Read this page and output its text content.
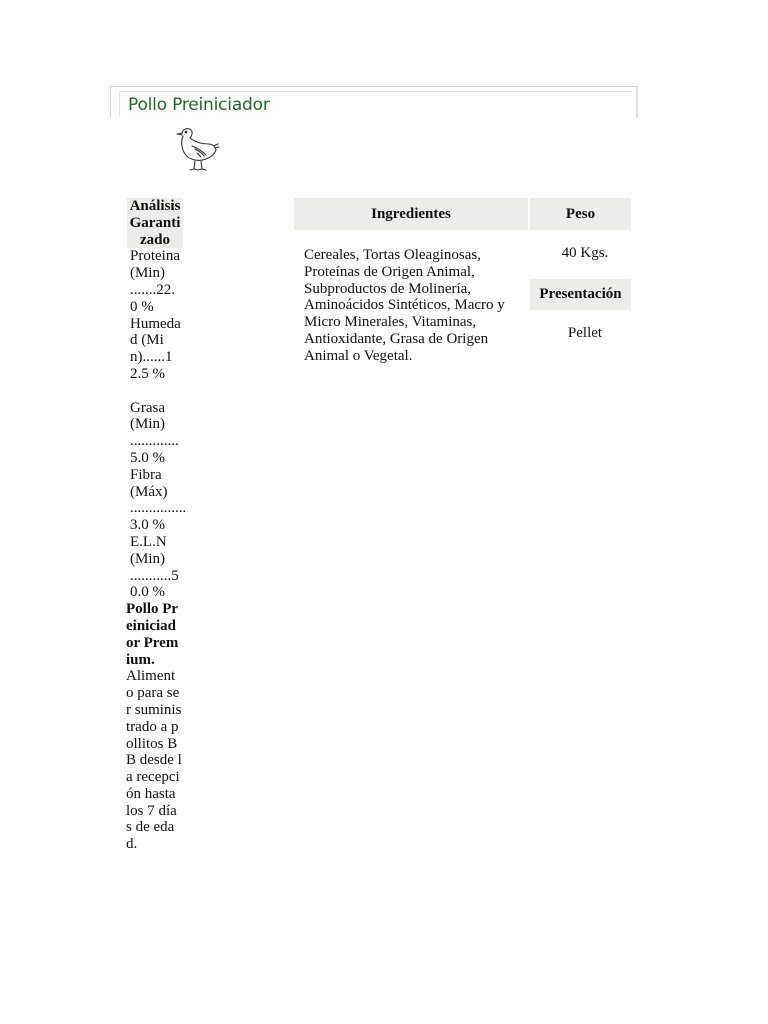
Pollo Preiniciador
Análisis Garantizado
Proteina (Min) .......22.0 %
Humedad (Min)......12.5 %
Grasa (Min) .............5.0 %
Fibra (Máx) ...............3.0 %
E.L.N (Min) ...........50.0 %
Pollo Preiniciador Premium.
Alimento para ser suministrado a pollitos BB desde la recepción hasta los 7 días de edad.
Ingredientes
Cereales, Tortas Oleaginosas, Proteínas de Origen Animal, Subproductos de Molinería, Aminoácidos Sintéticos, Macro y Micro Minerales, Vitaminas, Antioxidante, Grasa de Origen Animal o Vegetal.
Peso
40 Kgs.
Presentación
Pellet
